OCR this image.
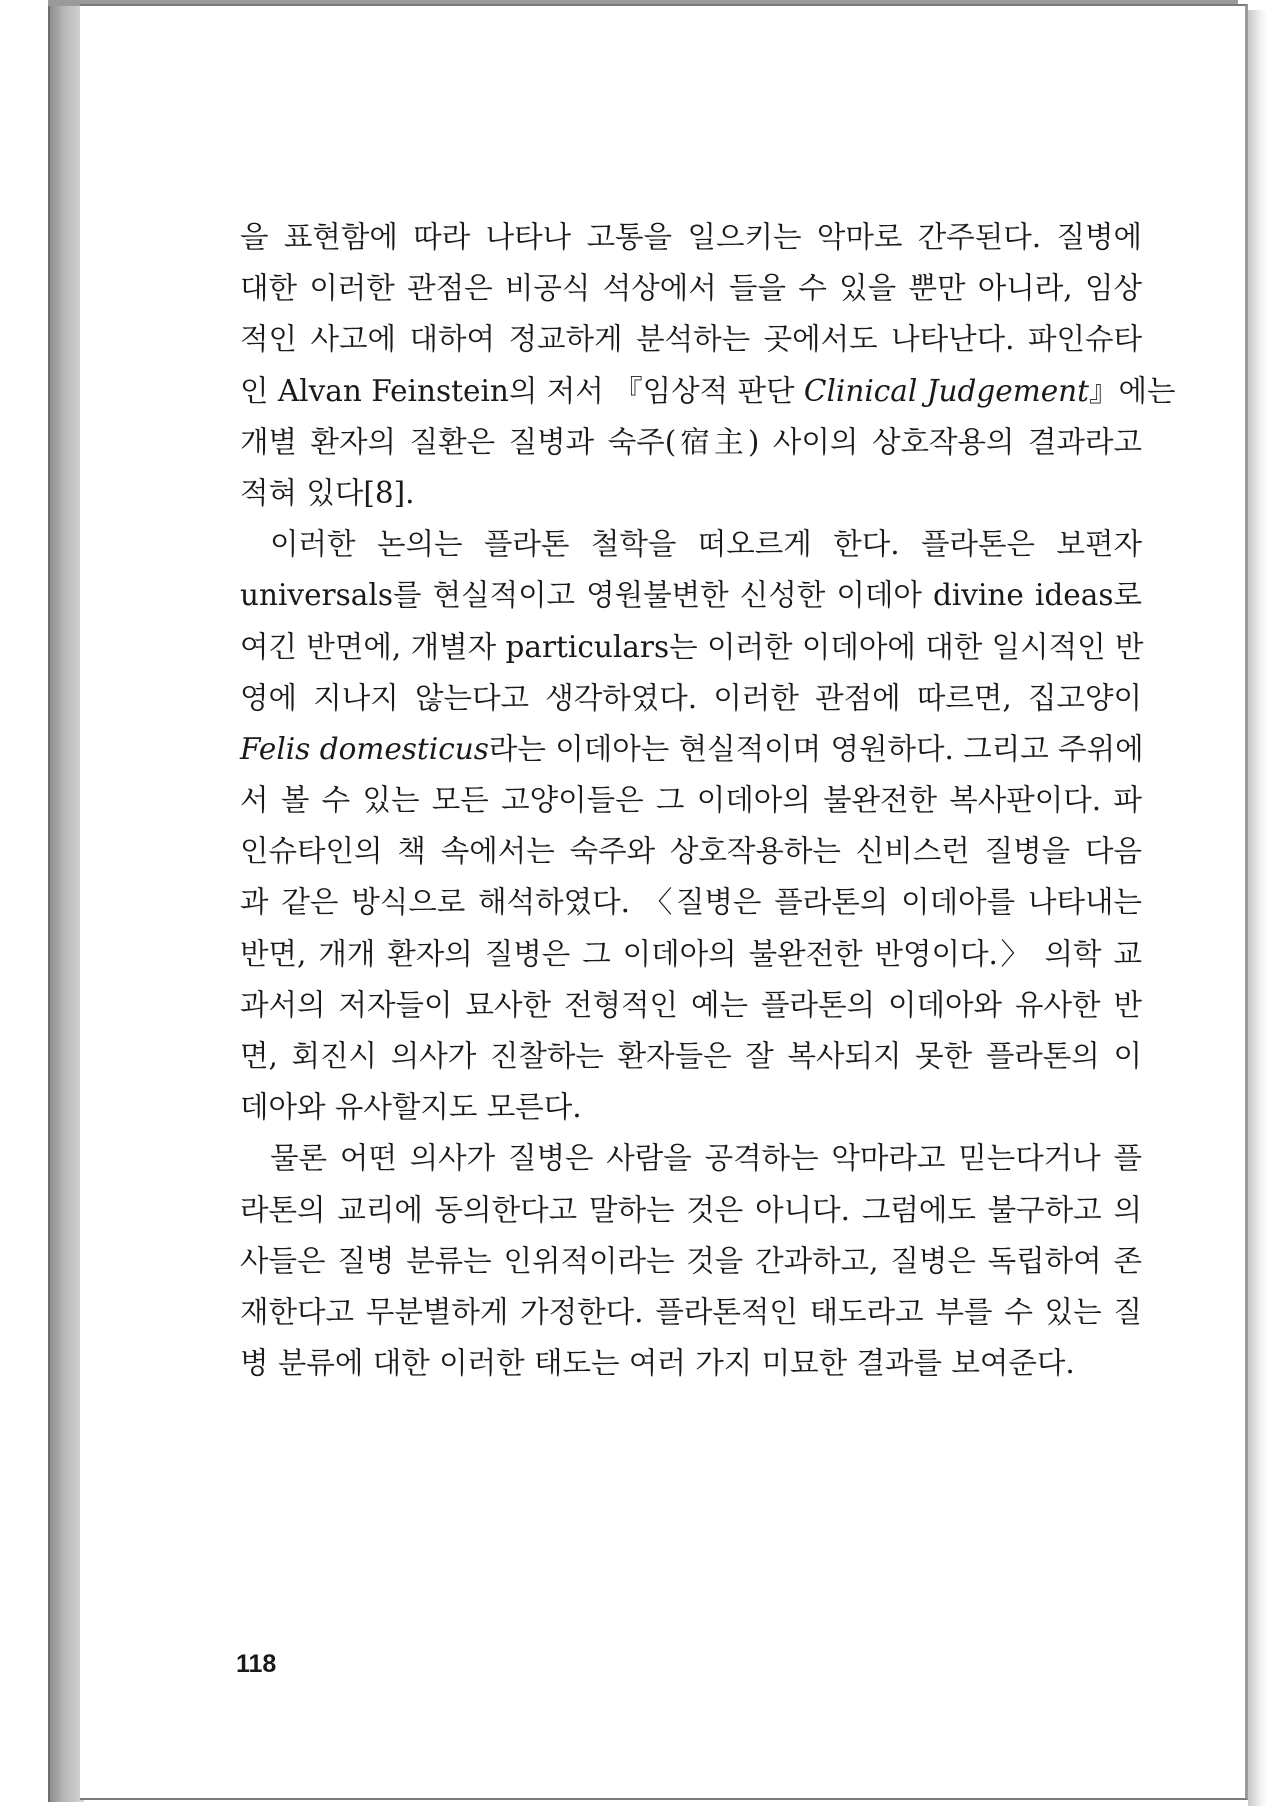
을 표현함에 따라 나타나 고통을 일으키는 악마로 간주된다. 질병에
대한 이러한 관점은 비공식 석상에서 들을 수 있을 뿐만 아니라, 임상
적인 사고에 대하여 정교하게 분석하는 곳에서도 나타난다. 파인슈타
인 Alvan Feinstein의 저서 『임상적 판단 Clinical Judgement』에는
개별 환자의 질환은 질병과 숙주(宿主) 사이의 상호작용의 결과라고
적혀 있다[8].
이러한 논의는 플라톤 철학을 떠오르게 한다. 플라톤은 보편자
universals를 현실적이고 영원불변한 신성한 이데아 divine ideas로
여긴 반면에, 개별자 particulars는 이러한 이데아에 대한 일시적인 반
영에 지나지 않는다고 생각하였다. 이러한 관점에 따르면, 집고양이
Felis domesticus라는 이데아는 현실적이며 영원하다. 그리고 주위에
서 볼 수 있는 모든 고양이들은 그 이데아의 불완전한 복사판이다. 파
인슈타인의 책 속에서는 숙주와 상호작용하는 신비스런 질병을 다음
과 같은 방식으로 해석하였다. 〈질병은 플라톤의 이데아를 나타내는
반면, 개개 환자의 질병은 그 이데아의 불완전한 반영이다.〉 의학 교
과서의 저자들이 묘사한 전형적인 예는 플라톤의 이데아와 유사한 반
면, 회진시 의사가 진찰하는 환자들은 잘 복사되지 못한 플라톤의 이
데아와 유사할지도 모른다.
물론 어떤 의사가 질병은 사람을 공격하는 악마라고 믿는다거나 플
라톤의 교리에 동의한다고 말하는 것은 아니다. 그럼에도 불구하고 의
사들은 질병 분류는 인위적이라는 것을 간과하고, 질병은 독립하여 존
재한다고 무분별하게 가정한다. 플라톤적인 태도라고 부를 수 있는 질
병 분류에 대한 이러한 태도는 여러 가지 미묘한 결과를 보여준다.
118
